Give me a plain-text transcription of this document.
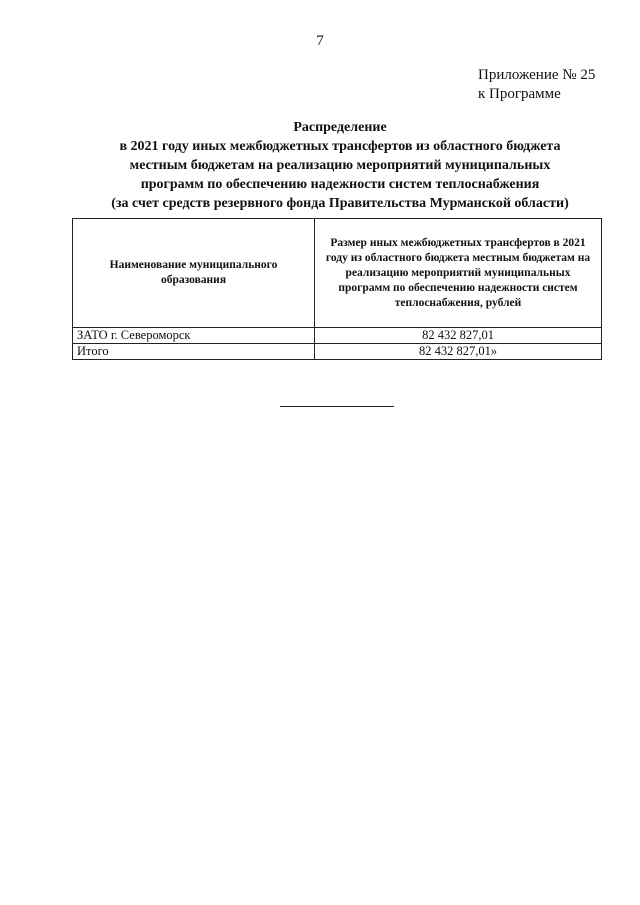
7
Приложение № 25
к Программе
Распределение
в 2021 году иных межбюджетных трансфертов из областного бюджета
местным бюджетам на реализацию мероприятий муниципальных
программ по обеспечению надежности систем теплоснабжения
(за счет средств резервного фонда Правительства Мурманской области)
Наименование муниципального образования	Размер иных межбюджетных трансфертов в 2021 году из областного бюджета местным бюджетам на реализацию мероприятий муниципальных программ по обеспечению надежности систем теплоснабжения, рублей
ЗАТО г. Североморск	82 432 827,01
Итого	82 432 827,01»
